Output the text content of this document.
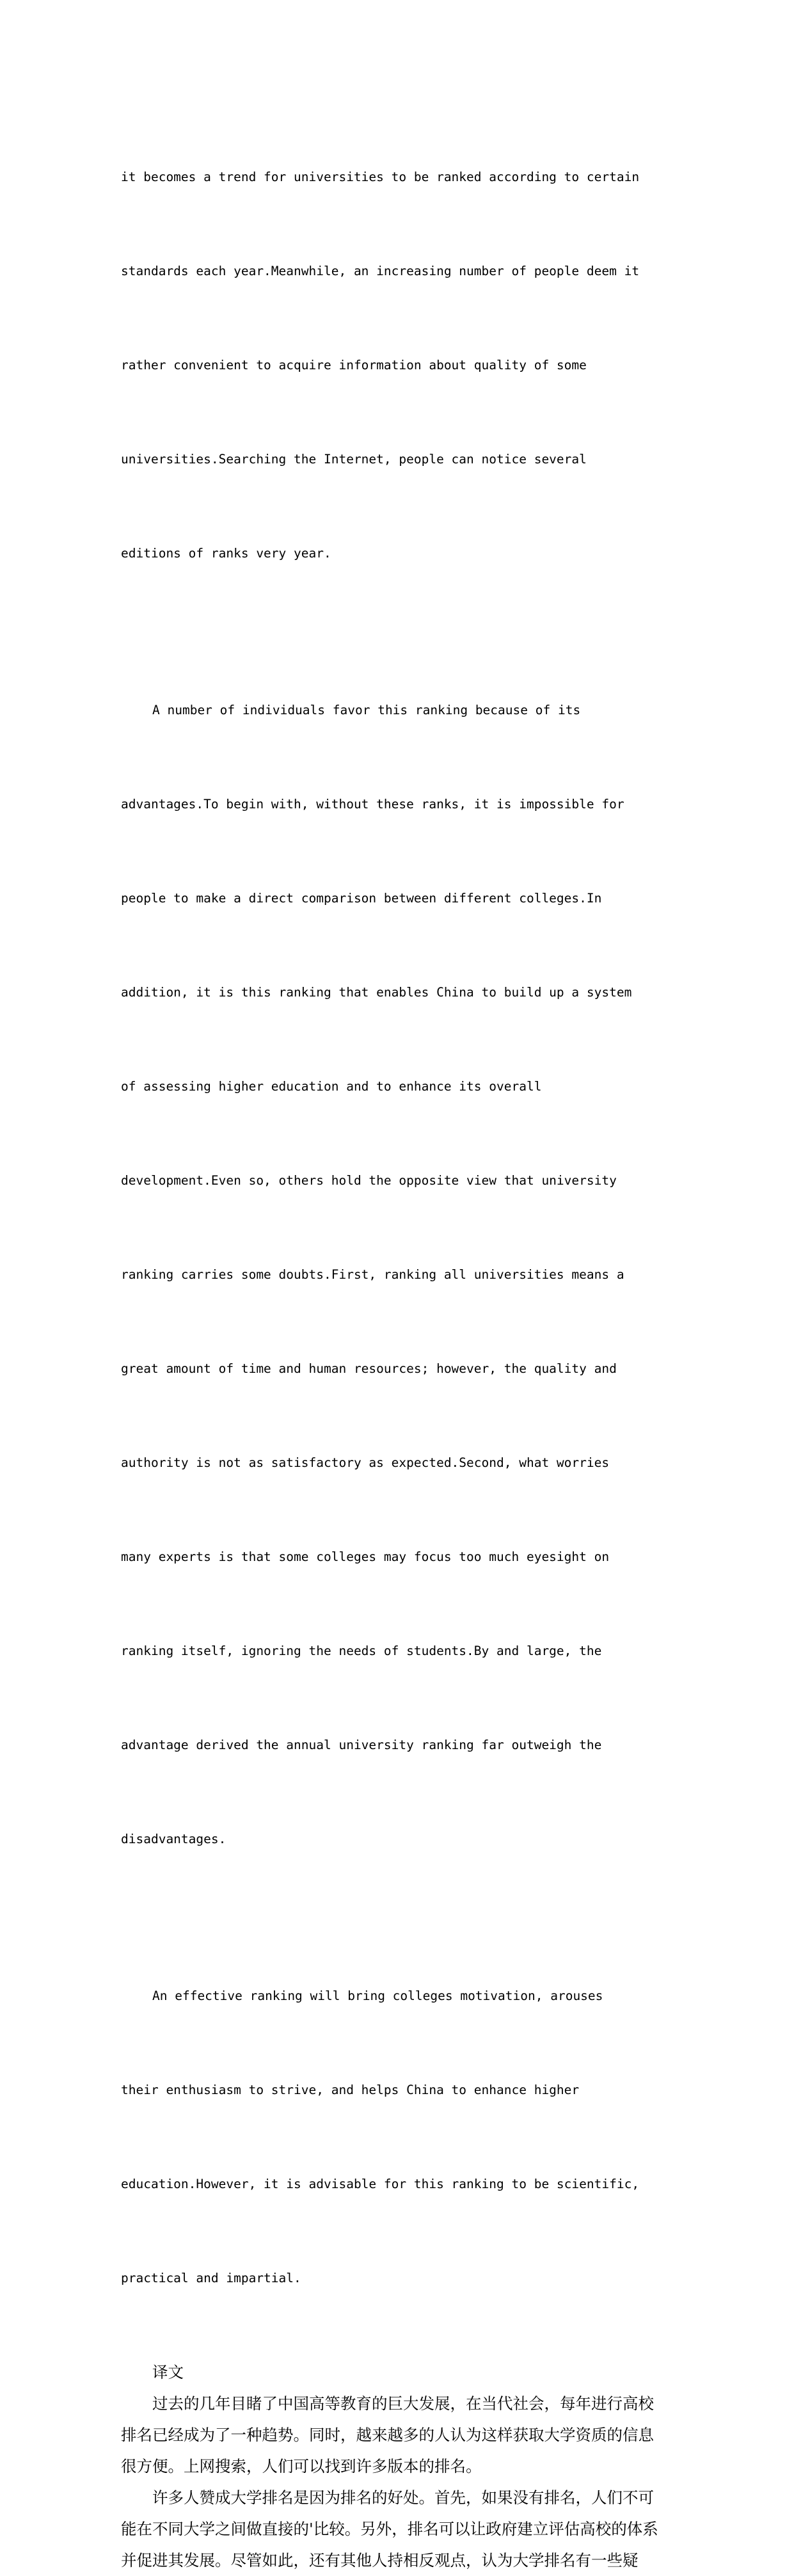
it becomes a trend for universities to be ranked according to certain

standards each year.Meanwhile, an increasing number of people deem it

rather convenient to acquire information about quality of some

universities.Searching the Internet, people can notice several

editions of ranks very year.

A number of individuals favor this ranking because of its

advantages.To begin with, without these ranks, it is impossible for

people to make a direct comparison between different colleges.In

addition, it is this ranking that enables China to build up a system

of assessing higher education and to enhance its overall

development.Even so, others hold the opposite view that university

ranking carries some doubts.First, ranking all universities means a

great amount of time and human resources; however, the quality and

authority is not as satisfactory as expected.Second, what worries

many experts is that some colleges may focus too much eyesight on

ranking itself, ignoring the needs of students.By and large, the

advantage derived the annual university ranking far outweigh the

disadvantages.

An effective ranking will bring colleges motivation, arouses

their enthusiasm to strive, and helps China to enhance higher

education.However, it is advisable for this ranking to be scientific,

practical and impartial.

译文
过去的几年目睹了中国高等教育的巨大发展，在当代社会，每年进行高校
排名已经成为了一种趋势。同时，越来越多的人认为这样获取大学资质的信息
很方便。上网搜索，人们可以找到许多版本的排名。
许多人赞成大学排名是因为排名的好处。首先，如果没有排名，人们不可
能在不同大学之间做直接的'比较。另外，排名可以让政府建立评估高校的体系
并促进其发展。尽管如此，还有其他人持相反观点，认为大学排名有一些疑
